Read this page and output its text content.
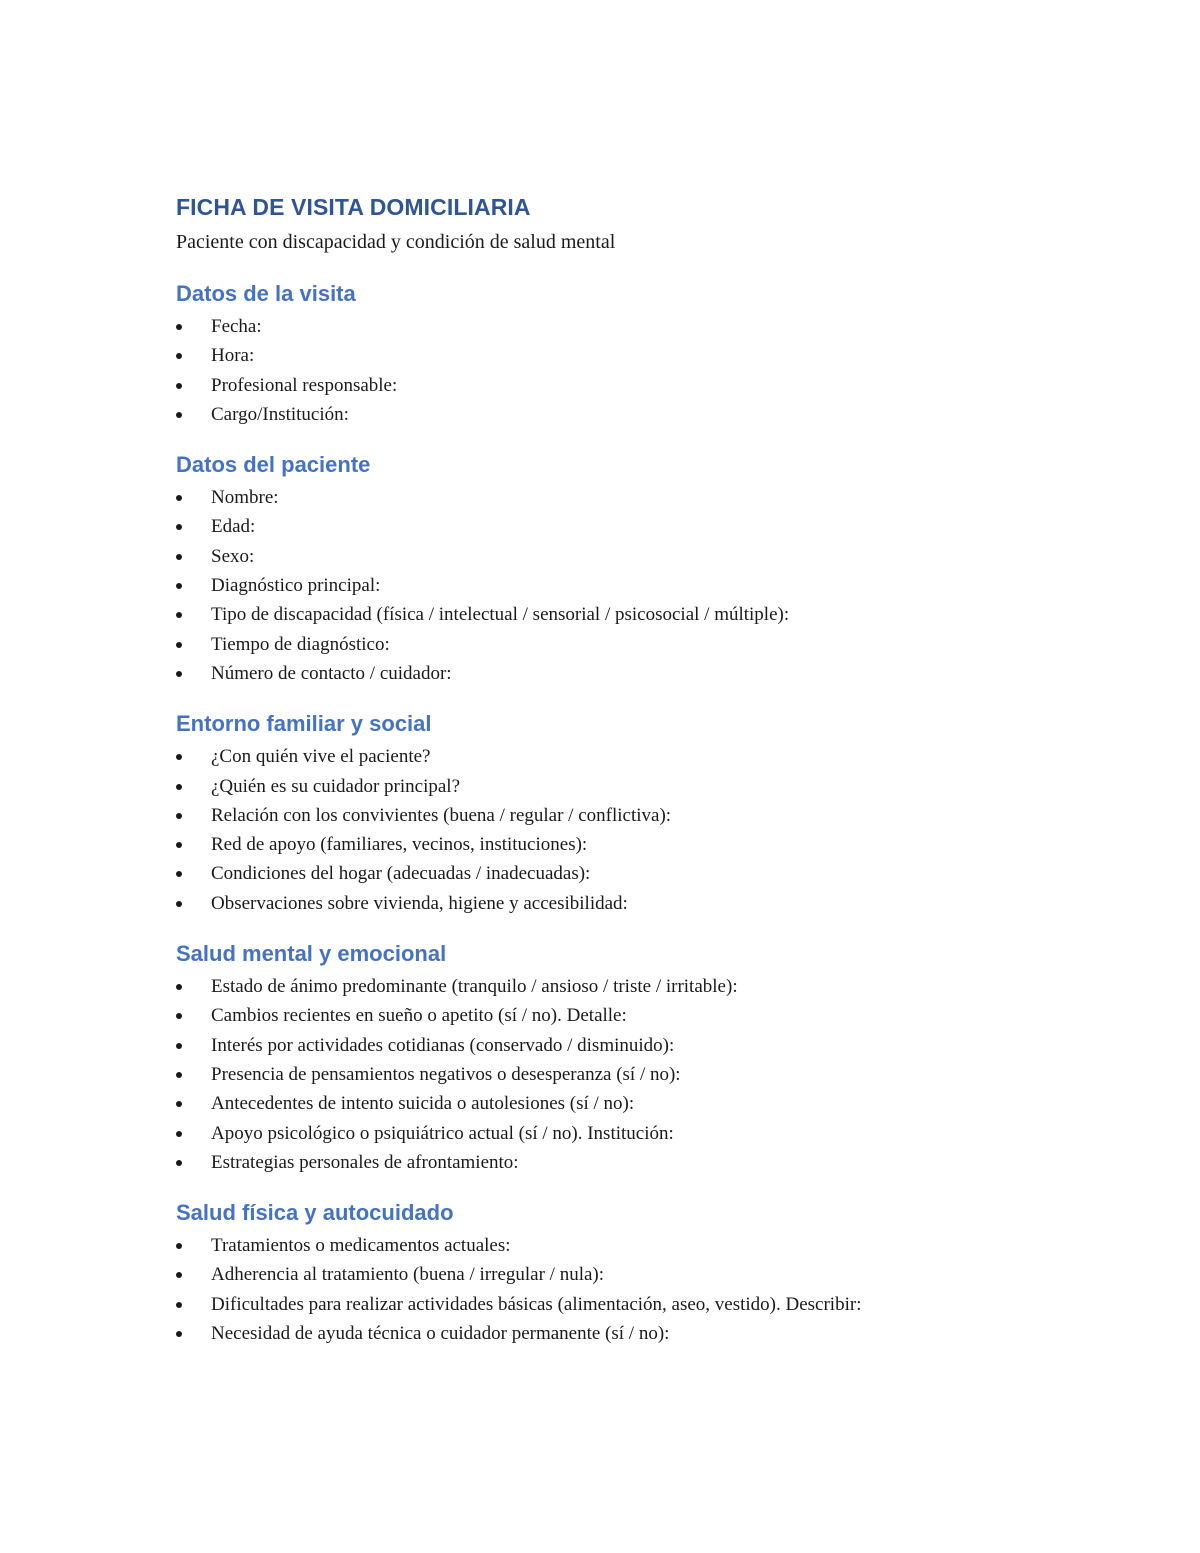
FICHA DE VISITA DOMICILIARIA

Paciente con discapacidad y condición de salud mental

Datos de la visita
Fecha:
Hora:
Profesional responsable:
Cargo/Institución:
Datos del paciente
Nombre:
Edad:
Sexo:
Diagnóstico principal:
Tipo de discapacidad (física / intelectual / sensorial / psicosocial / múltiple):
Tiempo de diagnóstico:
Número de contacto / cuidador:
Entorno familiar y social
¿Con quién vive el paciente?
¿Quién es su cuidador principal?
Relación con los convivientes (buena / regular / conflictiva):
Red de apoyo (familiares, vecinos, instituciones):
Condiciones del hogar (adecuadas / inadecuadas):
Observaciones sobre vivienda, higiene y accesibilidad:
Salud mental y emocional
Estado de ánimo predominante (tranquilo / ansioso / triste / irritable):
Cambios recientes en sueño o apetito (sí / no). Detalle:
Interés por actividades cotidianas (conservado / disminuido):
Presencia de pensamientos negativos o desesperanza (sí / no):
Antecedentes de intento suicida o autolesiones (sí / no):
Apoyo psicológico o psiquiátrico actual (sí / no). Institución:
Estrategias personales de afrontamiento:
Salud física y autocuidado
Tratamientos o medicamentos actuales:
Adherencia al tratamiento (buena / irregular / nula):
Dificultades para realizar actividades básicas (alimentación, aseo, vestido). Describir:
Necesidad de ayuda técnica o cuidador permanente (sí / no):
